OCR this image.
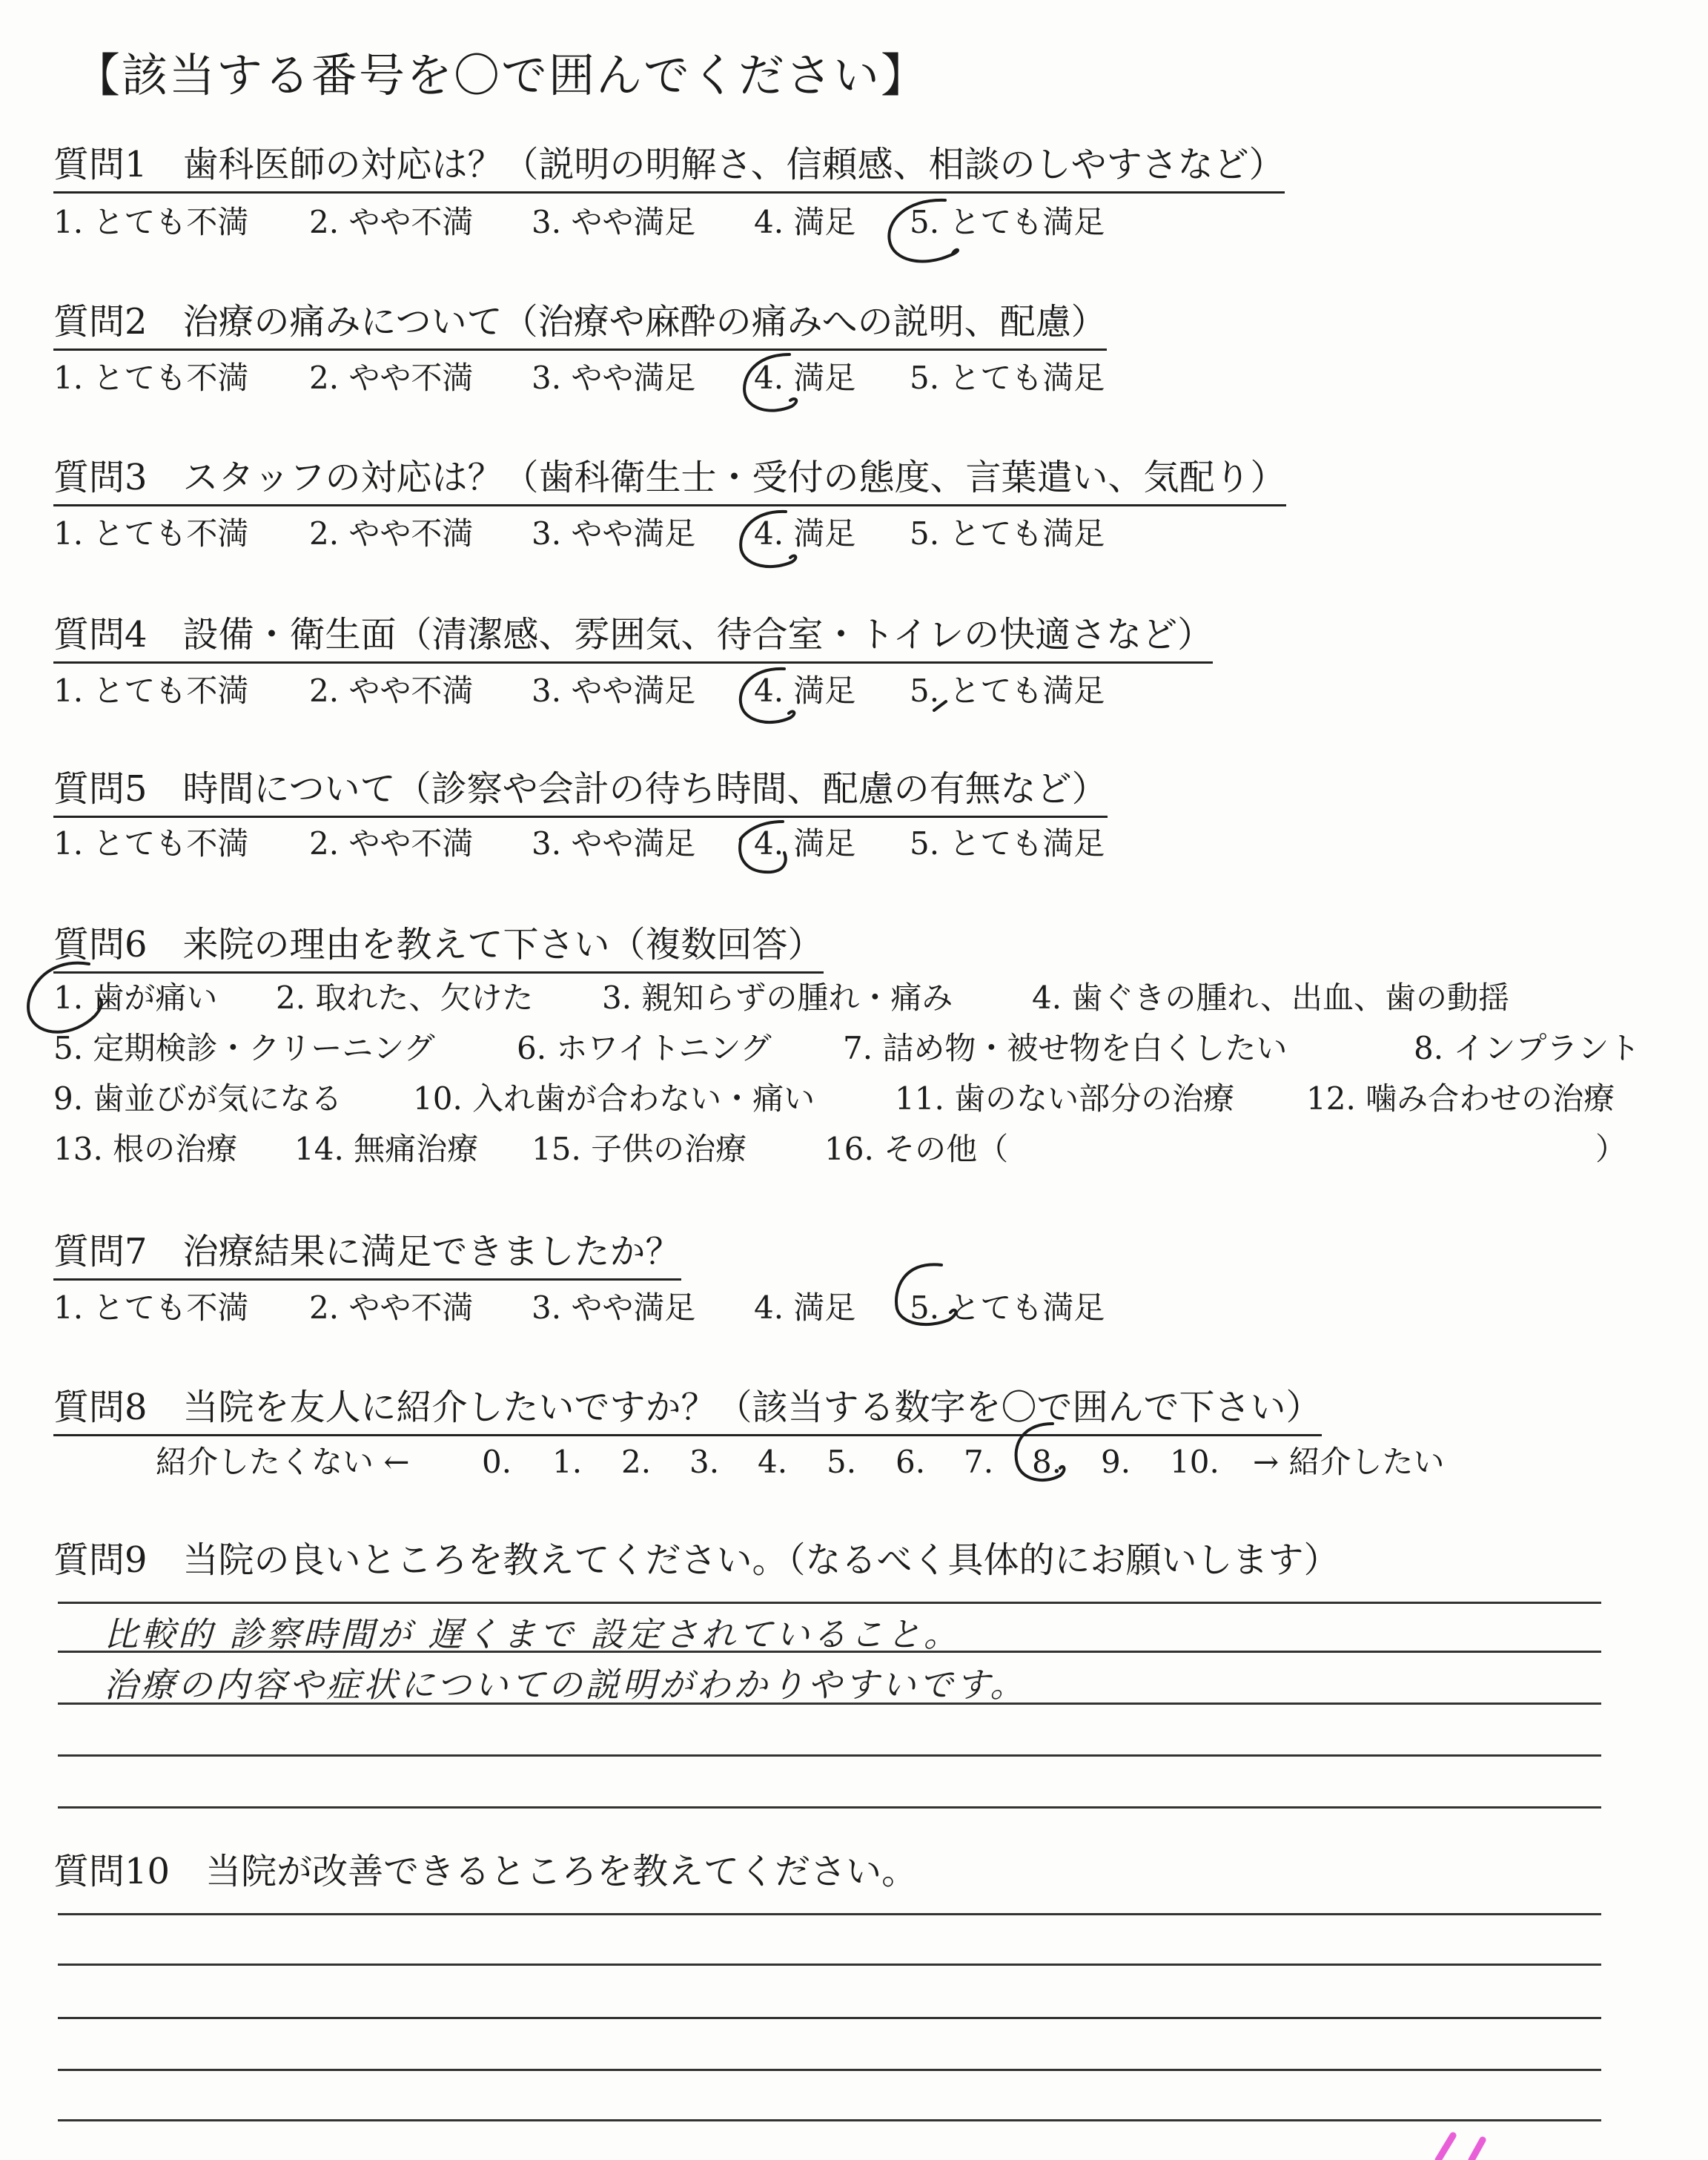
【該当する番号を〇で囲んでください】
質問1　歯科医師の対応は？（説明の明解さ、信頼感、相談のしやすさなど）
1. とても不満 2. やや不満 3. やや満足 4. 満足 5. とても満足
質問2　治療の痛みについて（治療や麻酔の痛みへの説明、配慮）
1. とても不満 2. やや不満 3. やや満足 4. 満足 5. とても満足
質問3　スタッフの対応は？（歯科衛生士・受付の態度、言葉遣い、気配り）
1. とても不満 2. やや不満 3. やや満足 4. 満足 5. とても満足
質問4　設備・衛生面（清潔感、雰囲気、待合室・トイレの快適さなど）
1. とても不満 2. やや不満 3. やや満足 4. 満足 5. とても満足
質問5　時間について（診察や会計の待ち時間、配慮の有無など）
1. とても不満 2. やや不満 3. やや満足 4. 満足 5. とても満足
質問6　来院の理由を教えて下さい（複数回答）
1. 歯が痛い 2. 取れた、欠けた 3. 親知らずの腫れ・痛み	4. 歯ぐきの腫れ、出血、歯の動揺
5. 定期検診・クリーニング	6. ホワイトニング 7. 詰め物・被せ物を白くしたい	8. インプラント
9. 歯並びが気になる 10. 入れ歯が合わない・痛い	11. 歯のない部分の治療 12. 噛み合わせの治療
13. 根の治療 14. 無痛治療 15. 子供の治療 16. その他（	）
質問7　治療結果に満足できましたか？
1. とても不満 2. やや不満 3. やや満足 4. 満足 5. とても満足
質問8　当院を友人に紹介したいですか？（該当する数字を〇で囲んで下さい）
紹介したくない ← 0. 1. 2. 3. 4. 5. 6. 7. 8. 9. 10. → 紹介したい
質問9　当院の良いところを教えてください。（なるべく具体的にお願いします）
比較的 診察時間が 遅くまで 設定されていること。
治療の内容や症状についての説明がわかりやすいです。
質問10　当院が改善できるところを教えてください。
